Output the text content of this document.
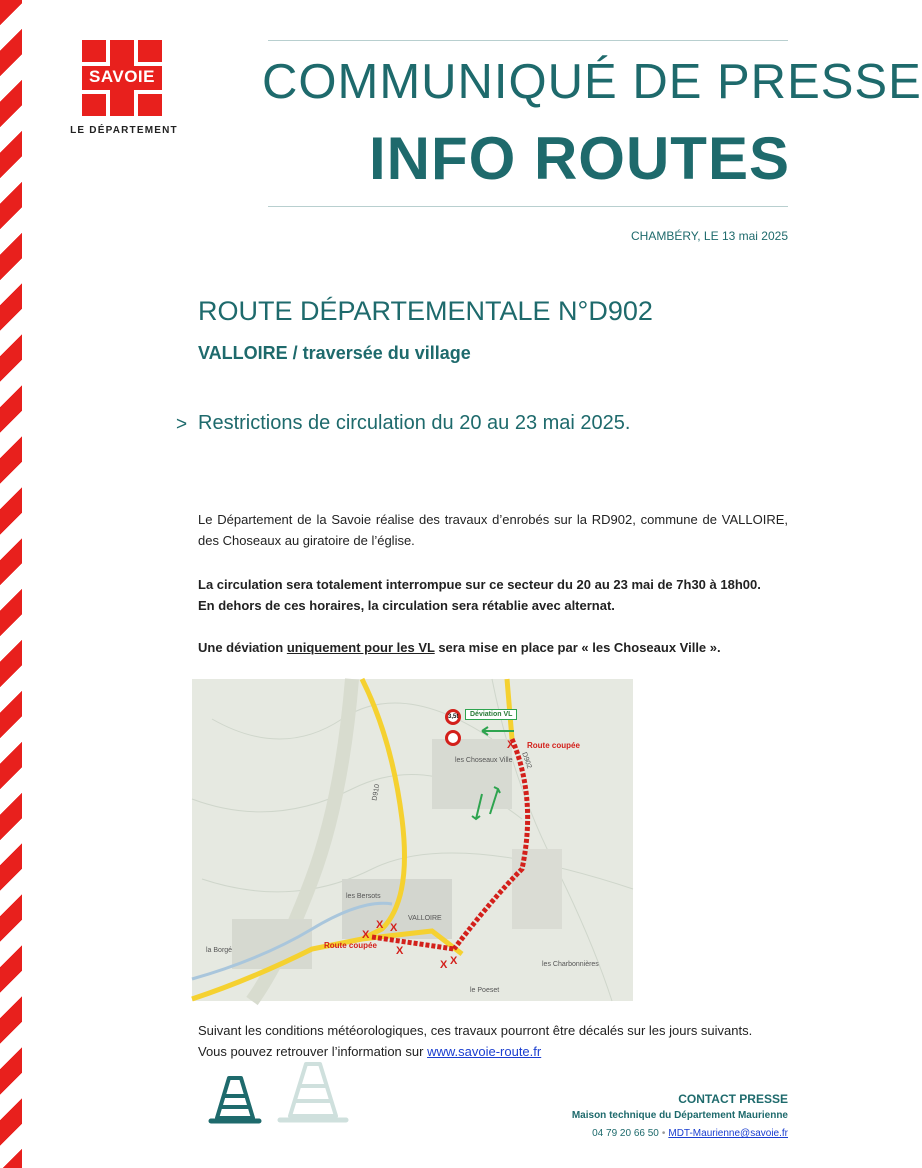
SAVOIE
LE DÉPARTEMENT
COMMUNIQUÉ DE PRESSE
INFO ROUTES
CHAMBÉRY, LE 13 mai 2025
ROUTE DÉPARTEMENTALE N°D902
VALLOIRE / traversée du village
> Restrictions de circulation du 20 au 23 mai 2025.
Le Département de la Savoie réalise des travaux d’enrobés sur la RD902, commune de VALLOIRE, des Choseaux au giratoire de l’église.
La circulation sera totalement interrompue sur ce secteur du 20 au 23 mai de 7h30 à 18h00.
En dehors de ces horaires, la circulation sera rétablie avec alternat.
Une déviation uniquement pour les VL sera mise en place par « les Choseaux Ville ».
Déviation VL
3,5t
Route coupée
Route coupée
les Choseaux Ville
VALLOIRE
la Borgé
les Bersots
les Charbonnières
le Poeset
D910
D902
X
X X
X
X
X X
Suivant les conditions météorologiques, ces travaux pourront être décalés sur les jours suivants.
Vous pouvez retrouver l’information sur www.savoie-route.fr
CONTACT PRESSE
Maison technique du Département Maurienne
04 79 20 66 50 • MDT-Maurienne@savoie.fr
